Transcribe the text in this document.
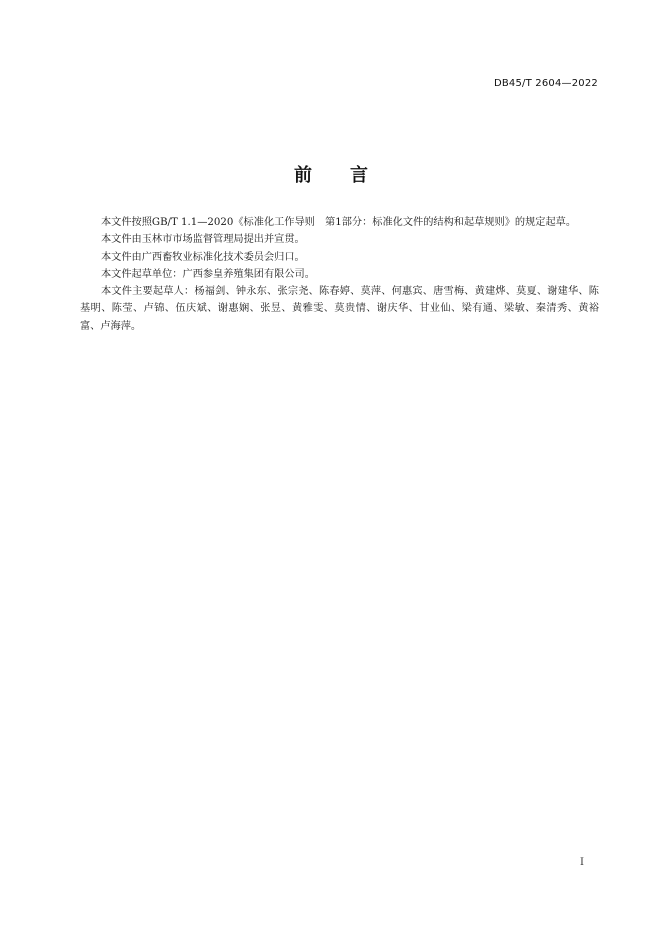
DB45/T 2604—2022
前 言

本文件按照GB/T 1.1—2020《标准化工作导则　第1部分：标准化文件的结构和起草规则》的规定起草。

本文件由玉林市市场监督管理局提出并宣贯。

本文件由广西畜牧业标准化技术委员会归口。

本文件起草单位：广西参皇养殖集团有限公司。

本文件主要起草人：杨福剑、钟永东、张宗尧、陈春婷、莫萍、何惠宾、唐雪梅、黄建烨、莫夏、谢建华、陈基明、陈莹、卢锦、伍庆斌、谢惠娴、张昱、黄雅雯、莫贵情、谢庆华、甘业仙、梁有通、梁敏、秦清秀、黄裕富、卢海萍。

I
